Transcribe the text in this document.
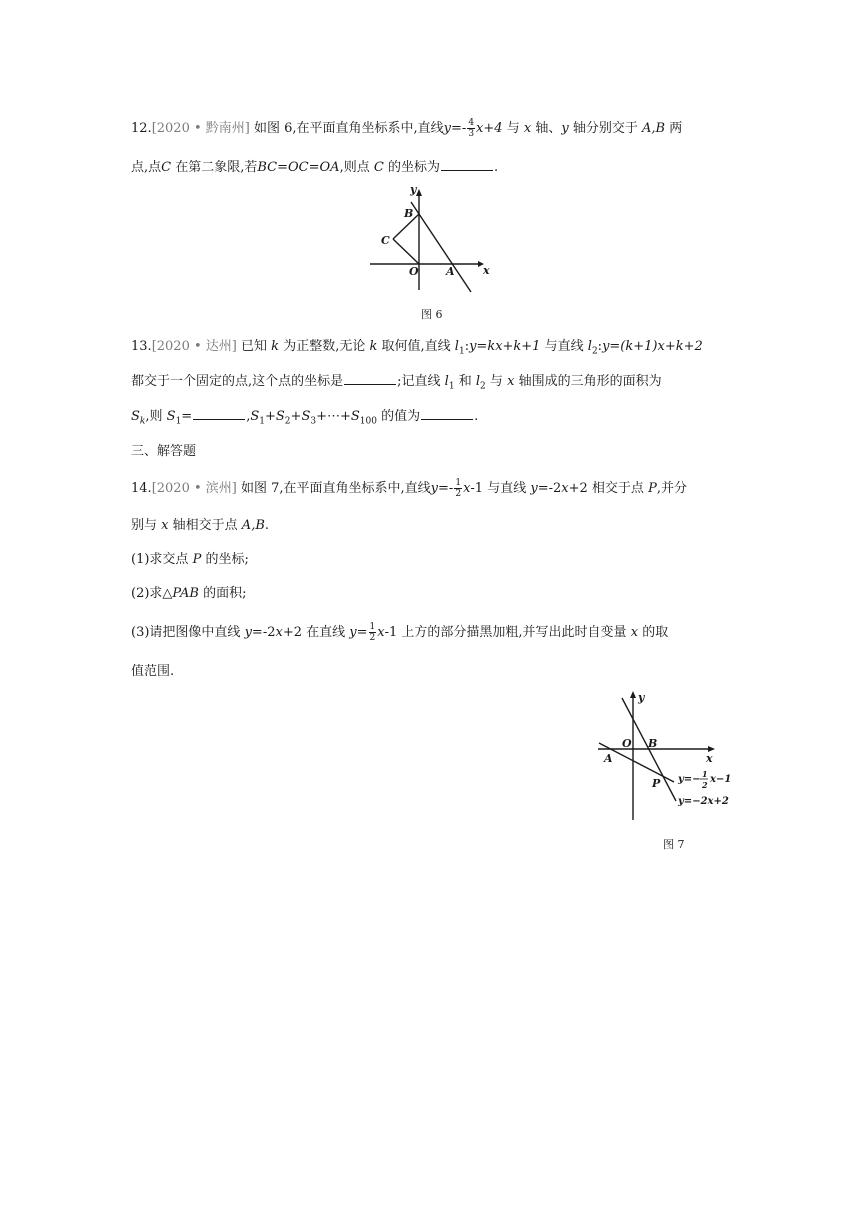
12.[2020 • 黔南州] 如图 6,在平面直角坐标系中,直线$y=- \frac{4}{3} x+4$ 与 x 轴、y 轴分别交于 A,B 两
点,点C 在第二象限,若BC=OC=OA,则点 C 的坐标为	.
y
x
B
C
O A
图 6
13.[2020 • 达州] 已知 k 为正整数,无论 k 取何值,直线 $l_1:y=kx+k+1$ 与直线 $l_2:y=(k+1)x+k+2$
都交于一个固定的点,这个点的坐标是	;记直线 $l_1$ 和 $l_2$ 与 x 轴围成的三角形的面积为
$S_k$,则 $S_1=$	$,S_1+S_2+S_3+\cdots+S_{100}$ 的值为	.
三、解答题
14.[2020 • 滨州] 如图 7,在平面直角坐标系中,直线$y=- \frac{1}{2} x-1$ 与直线 y=-2x+2 相交于点 P,并分
别与 x 轴相交于点 A,B.
(1)求交点 P 的坐标;
(2)求△PAB 的面积;
(3)请把图像中直线 y=-2x+2 在直线 $y= \frac{1}{2} x-1$ 上方的部分描黑加粗,并写出此时自变量 x 的取
值范围.
y
x
O B
A
P y=− 1
2 x−1
y=−2x+2
图 7
